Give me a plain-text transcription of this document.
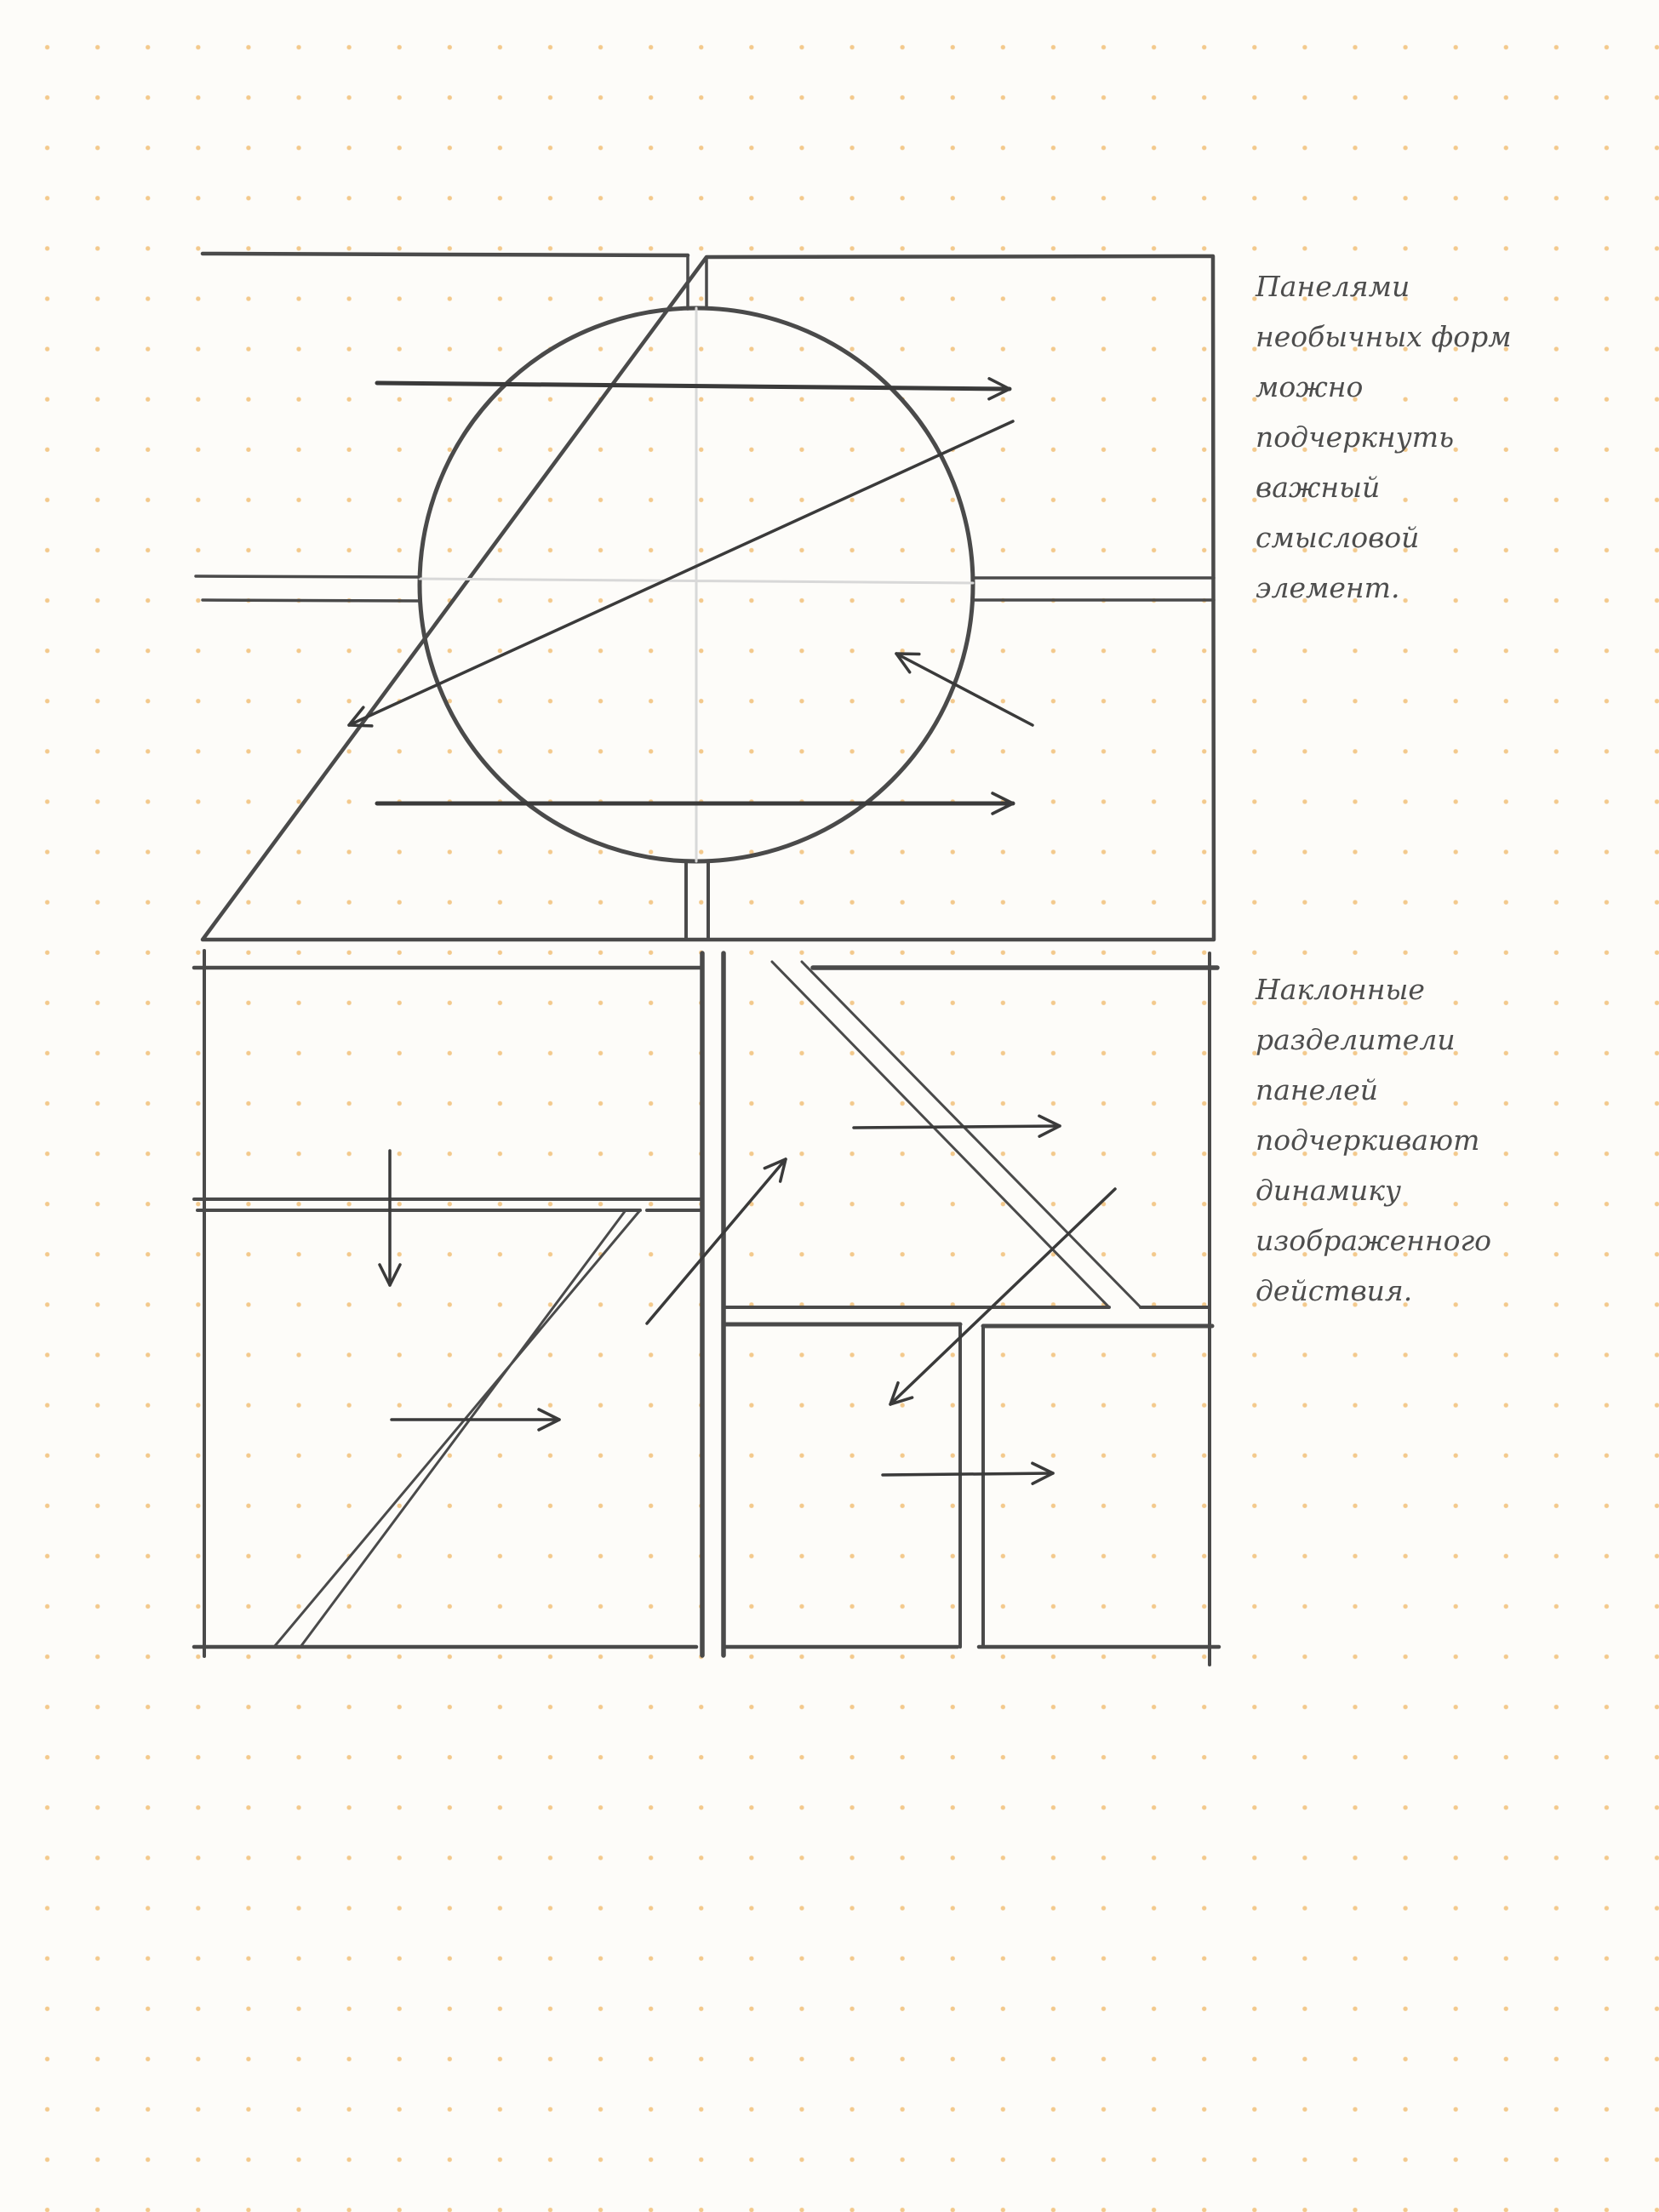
Панелями
необычных форм
можно
подчеркнуть
важный
смысловой
элемент.

Наклонные
разделители
панелей
подчеркивают
динамику
изображенного
действия.
